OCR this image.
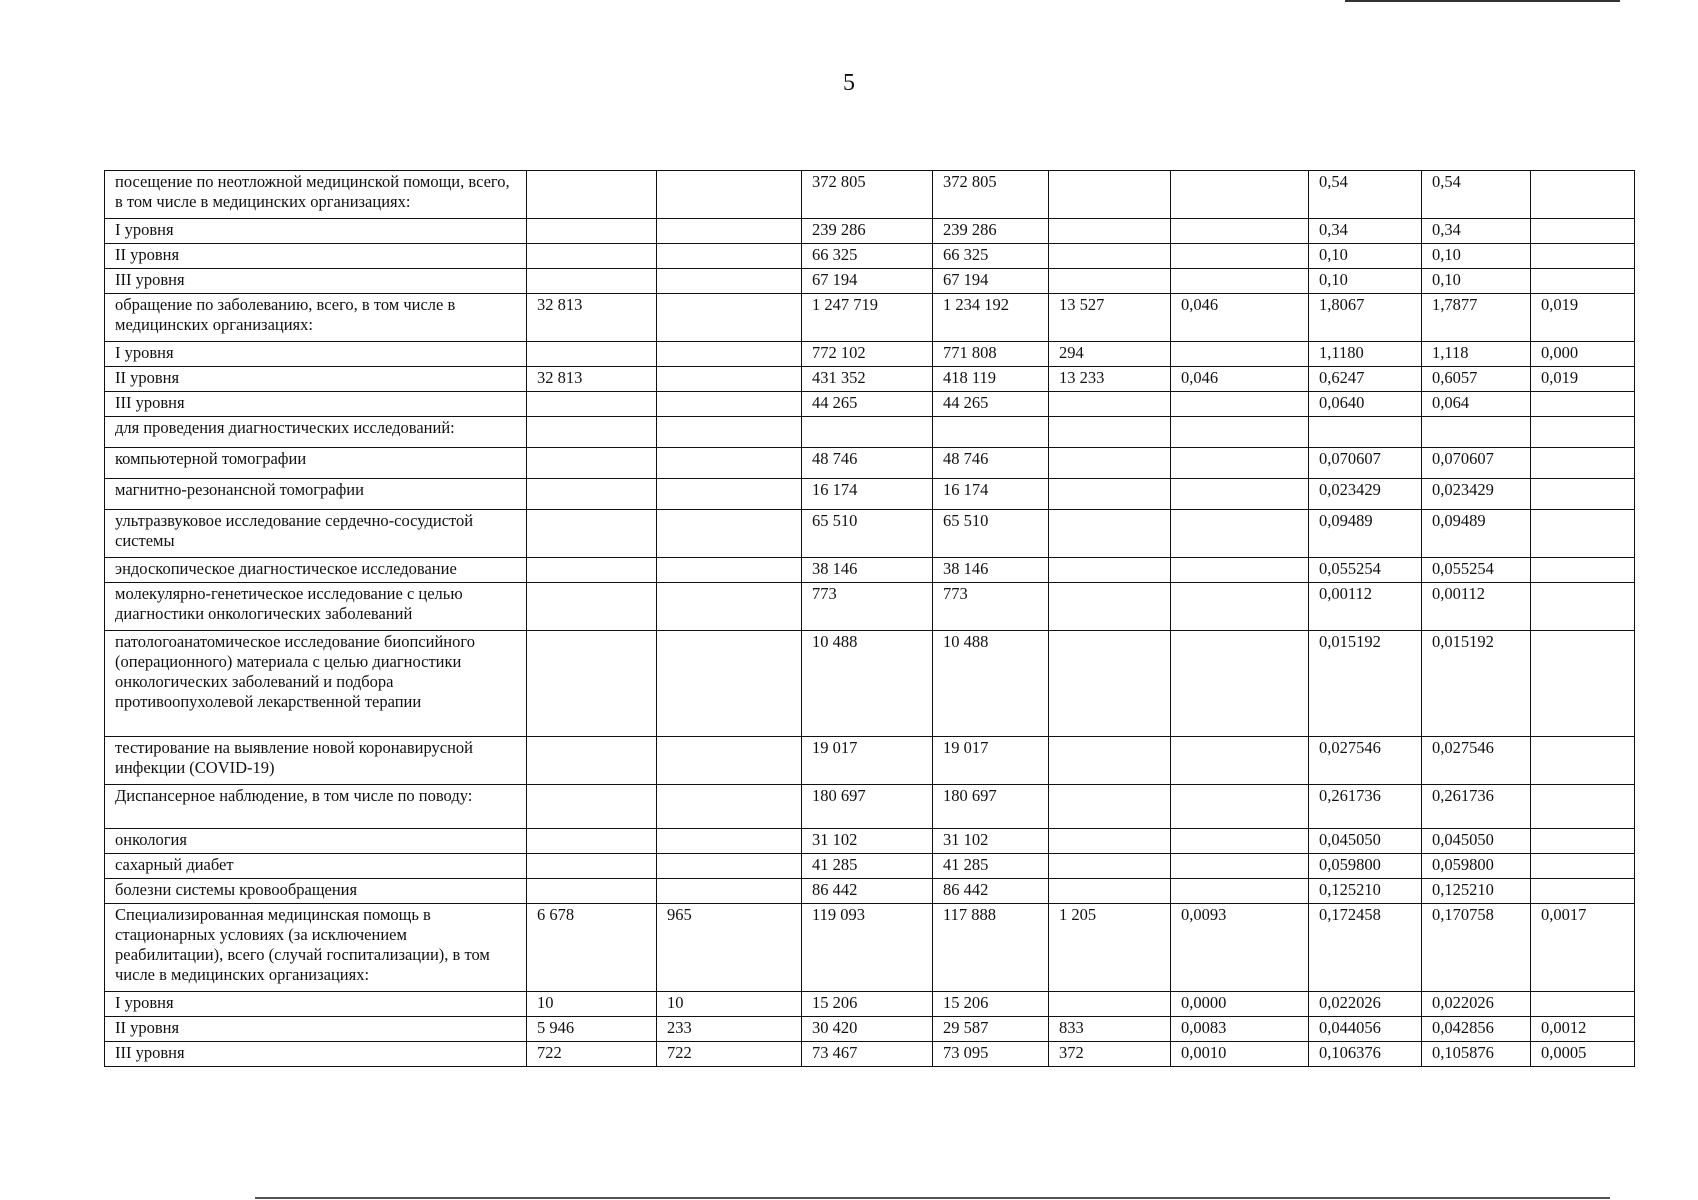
5
посещение по неотложной медицинской помощи, всего, в том числе в медицинских организациях:			372 805	372 805			0,54	0,54	
I уровня			239 286	239 286			0,34	0,34	
II уровня			66 325	66 325			0,10	0,10	
III уровня			67 194	67 194			0,10	0,10	
обращение по заболеванию, всего, в том числе в медицинских организациях:	32 813		1 247 719	1 234 192	13 527	0,046	1,8067	1,7877	0,019
I уровня			772 102	771 808	294		1,1180	1,118	0,000
II уровня	32 813		431 352	418 119	13 233	0,046	0,6247	0,6057	0,019
III уровня			44 265	44 265			0,0640	0,064	
для проведения диагностических исследований:									
компьютерной томографии			48 746	48 746			0,070607	0,070607	
магнитно-резонансной томографии			16 174	16 174			0,023429	0,023429	
ультразвуковое исследование сердечно-сосудистой системы			65 510	65 510			0,09489	0,09489	
эндоскопическое диагностическое исследование			38 146	38 146			0,055254	0,055254	
молекулярно-генетическое исследование с целью диагностики онкологических заболеваний			773	773			0,00112	0,00112	
патологоанатомическое исследование биопсийного (операционного) материала с целью диагностики онкологических заболеваний и подбора противоопухолевой лекарственной терапии			10 488	10 488			0,015192	0,015192	
тестирование на выявление новой коронавирусной инфекции (COVID-19)			19 017	19 017			0,027546	0,027546	
Диспансерное наблюдение, в том числе по поводу:			180 697	180 697			0,261736	0,261736	
онкология			31 102	31 102			0,045050	0,045050	
сахарный диабет			41 285	41 285			0,059800	0,059800	
болезни системы кровообращения			86 442	86 442			0,125210	0,125210	
Специализированная медицинская помощь в стационарных условиях (за исключением реабилитации), всего (случай госпитализации), в том числе в медицинских организациях:	6 678	965	119 093	117 888	1 205	0,0093	0,172458	0,170758	0,0017
I уровня	10	10	15 206	15 206		0,0000	0,022026	0,022026	
II уровня	5 946	233	30 420	29 587	833	0,0083	0,044056	0,042856	0,0012
III уровня	722	722	73 467	73 095	372	0,0010	0,106376	0,105876	0,0005
